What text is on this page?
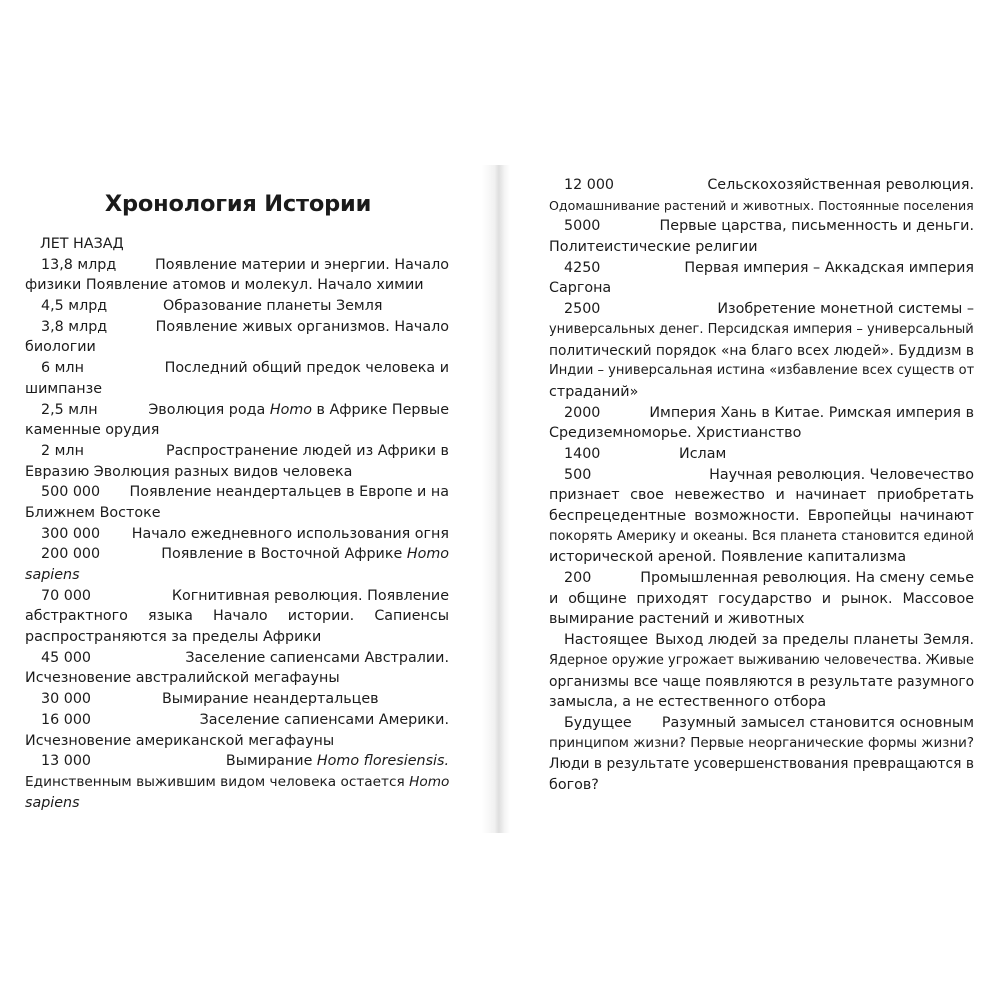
Хронология Истории
ЛЕТ НАЗАД
13,8 млрд	Появление материи и энергии. Начало
физики Появление атомов и молекул. Начало химии
4,5 млрд	Образование планеты Земля
3,8 млрд	Появление живых организмов. Начало
биологии
6 млн	Последний общий предок человека и
шимпанзе
2,5 млн	Эволюция рода Homo в Африке Первые
каменные орудия
2 млн	Распространение людей из Африки в
Евразию Эволюция разных видов человека
500 000 Появление неандертальцев в Европе и на
Ближнем Востоке
300 000 Начало ежедневного использования огня
200 000	Появление в Восточной Африке Homo
sapiens
70 000	Когнитивная революция. Появление
абстрактного языка Начало истории. Сапиенсы
распространяются за пределы Африки
45 000	Заселение сапиенсами Австралии.
Исчезновение австралийской мегафауны
30 000	Вымирание неандертальцев
16 000	Заселение сапиенсами Америки.
Исчезновение американской мегафауны
13 000	Вымирание Homo floresiensis.
Единственным выжившим видом человека остается Homo
sapiens
12 000	Сельскохозяйственная революция.
Одомашнивание растений и животных. Постоянные поселения
5000	Первые царства, письменность и деньги.
Политеистические религии
4250	Первая империя – Аккадская империя
Саргона
2500	Изобретение монетной системы –
универсальных денег. Персидская империя – универсальный
политический порядок «на благо всех людей». Буддизм в
Индии – универсальная истина «избавление всех существ от
страданий»
2000	Империя Хань в Китае. Римская империя в
Средиземноморье. Христианство
1400	Ислам
500	Научная революция. Человечество
признает свое невежество и начинает приобретать
беспрецедентные возможности. Европейцы начинают
покорять Америку и океаны. Вся планета становится единой
исторической ареной. Появление капитализма
200	Промышленная революция. На смену семье
и общине приходят государство и рынок. Массовое
вымирание растений и животных
Настоящее Выход людей за пределы планеты Земля.
Ядерное оружие угрожает выживанию человечества. Живые
организмы все чаще появляются в результате разумного
замысла, а не естественного отбора
Будущее Разумный замысел становится основным
принципом жизни? Первые неорганические формы жизни?
Люди в результате усовершенствования превращаются в
богов?
